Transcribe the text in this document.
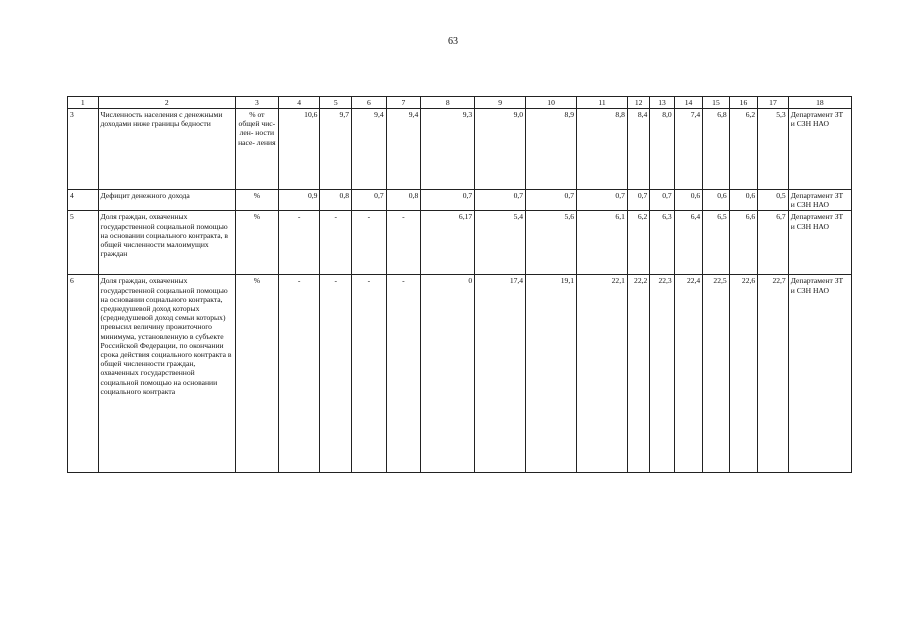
63
1	2	3	4	5	6	7	8	9	10	11	12	13	14	15	16	17	18
3	Численность населения с денежными доходами ниже границы бедности	% от общей чис- лен- ности насе- ления	10,6	9,7	9,4	9,4	9,3	9,0	8,9	8,8	8,4	8,0	7,4	6,8	6,2	5,3	Департамент ЗТ и СЗН НАО
4	Дефицит денежного дохода	%	0,9	0,8	0,7	0,8	0,7	0,7	0,7	0,7	0,7	0,7	0,6	0,6	0,6	0,5	Департамент ЗТ и СЗН НАО
5	Доля граждан, охваченных государственной социальной помощью на основании социального контракта, в общей численности малоимущих граждан	%	-	-	-	-	6,17	5,4	5,6	6,1	6,2	6,3	6,4	6,5	6,6	6,7	Департамент ЗТ и СЗН НАО
6	Доля граждан, охваченных государственной социальной помощью на основании социального контракта, среднедушевой доход которых (среднедушевой доход семьи которых) превысил величину прожиточного минимума, установленную в субъекте Российской Федерации, по окончании срока действия социального контракта в общей численности граждан, охваченных государственной социальной помощью на основании социального контракта	%	-	-	-	-	0	17,4	19,1	22,1	22,2	22,3	22,4	22,5	22,6	22,7	Департамент ЗТ и СЗН НАО
